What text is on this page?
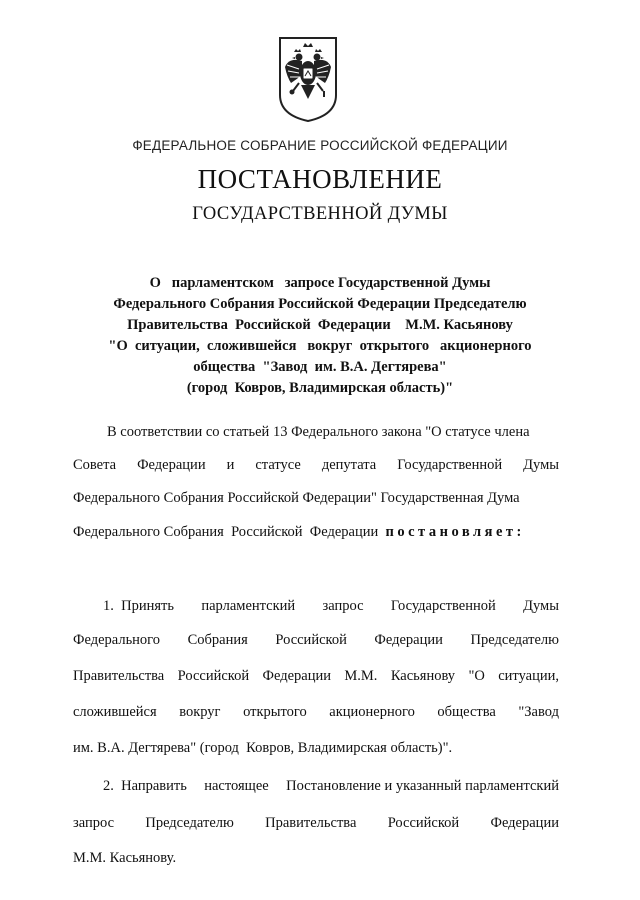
ФЕДЕРАЛЬНОЕ СОБРАНИЕ РОССИЙСКОЙ ФЕДЕРАЦИИ
ПОСТАНОВЛЕНИЕ
ГОСУДАРСТВЕННОЙ ДУМЫ
О   парламентском   запросе Государственной Думы
Федерального Собрания Российской Федерации Председателю
Правительства  Российской  Федерации    М.М. Касьянову
"О  ситуации,  сложившейся   вокруг  открытого   акционерного
общества  "Завод  им. В.А. Дегтярева"
(город  Ковров, Владимирская область)"
В соответствии со статьей 13 Федерального закона "О статусе члена
Совета Федерации и статусе депутата Государственной Думы
Федерального Собрания Российской Федерации" Государственная Дума
Федерального Собрания  Российской  Федерации  постановляет:
1.  Принять парламентский запрос Государственной Думы
Федерального Собрания Российской Федерации Председателю
Правительства Российской Федерации М.М. Касьянову "О ситуации,
сложившейся вокруг открытого акционерного общества "Завод
им. В.А. Дегтярева" (город  Ковров, Владимирская область)".
2.  Направить настоящее Постановление и указанный парламентский
запрос Председателю Правительства Российской Федерации
М.М. Касьянову.
